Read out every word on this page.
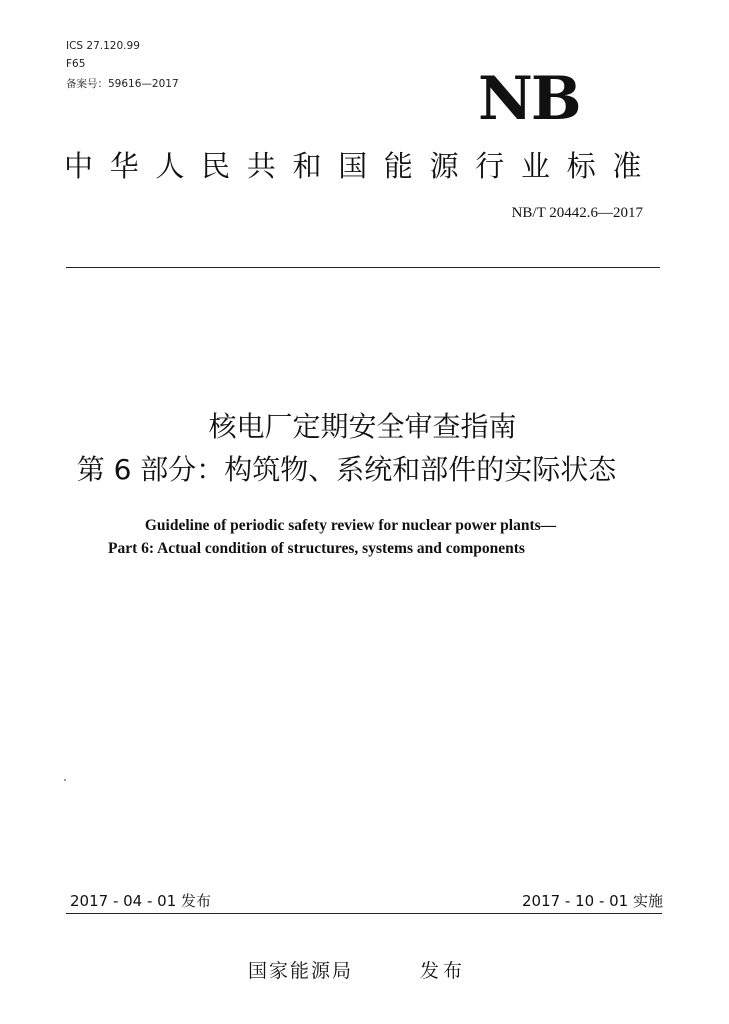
ICS 27.120.99
F65
备案号：59616—2017	NB
中华人民共和国能源行业标准
NB/T 20442.6—2017
核电厂定期安全审查指南
第 6 部分：构筑物、系统和部件的实际状态
Guideline of periodic safety review for nuclear power plants—
Part 6: Actual condition of structures, systems and components
2017 - 04 - 01 发布	2017 - 10 - 01 实施
国家能源局	发布
